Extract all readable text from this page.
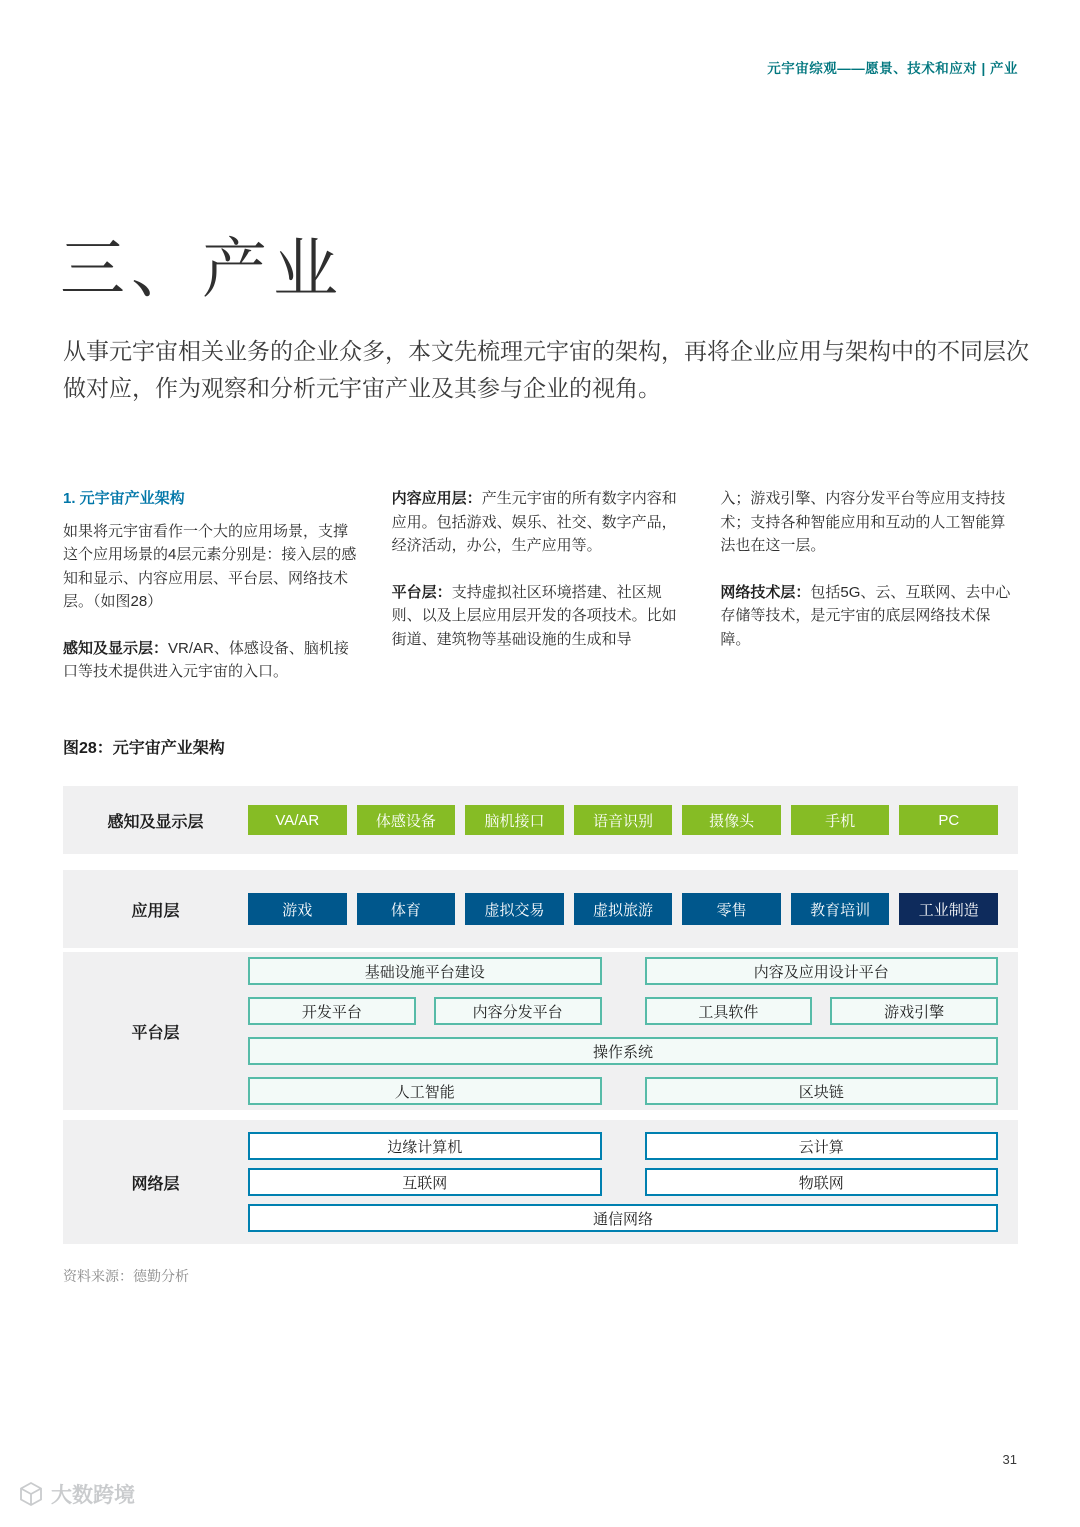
元宇宙综观——愿景、技术和应对 | 产业
三、产业

从事元宇宙相关业务的企业众多，本文先梳理元宇宙的架构，再将企业应用与架构中的不同层次做对应，作为观察和分析元宇宙产业及其参与企业的视角。

1. 元宇宙产业架构

如果将元宇宙看作一个大的应用场景，支撑这个应用场景的4层元素分别是：接入层的感知和显示、内容应用层、平台层、网络技术层。（如图28）

感知及显示层：VR/AR、体感设备、脑机接口等技术提供进入元宇宙的入口。

内容应用层：产生元宇宙的所有数字内容和应用。包括游戏、娱乐、社交、数字产品，经济活动，办公，生产应用等。

平台层：支持虚拟社区环境搭建、社区规则、以及上层应用层开发的各项技术。比如街道、建筑物等基础设施的生成和导

入；游戏引擎、内容分发平台等应用支持技术；支持各种智能应用和互动的人工智能算法也在这一层。

网络技术层：包括5G、云、互联网、去中心存储等技术，是元宇宙的底层网络技术保障。

图28：元宇宙产业架构
感知及显示层	VA/AR	体感设备	脑机接口	语音识别	摄像头	手机	PC
应用层	游戏	体育	虚拟交易	虚拟旅游	零售	教育培训	工业制造
平台层
基础设施平台建设	内容及应用设计平台
开发平台	内容分发平台	工具软件	游戏引擎
操作系统
人工智能	区块链
网络层
边缘计算机	云计算
互联网	物联网
通信网络
资料来源：德勤分析
31
大数跨境
